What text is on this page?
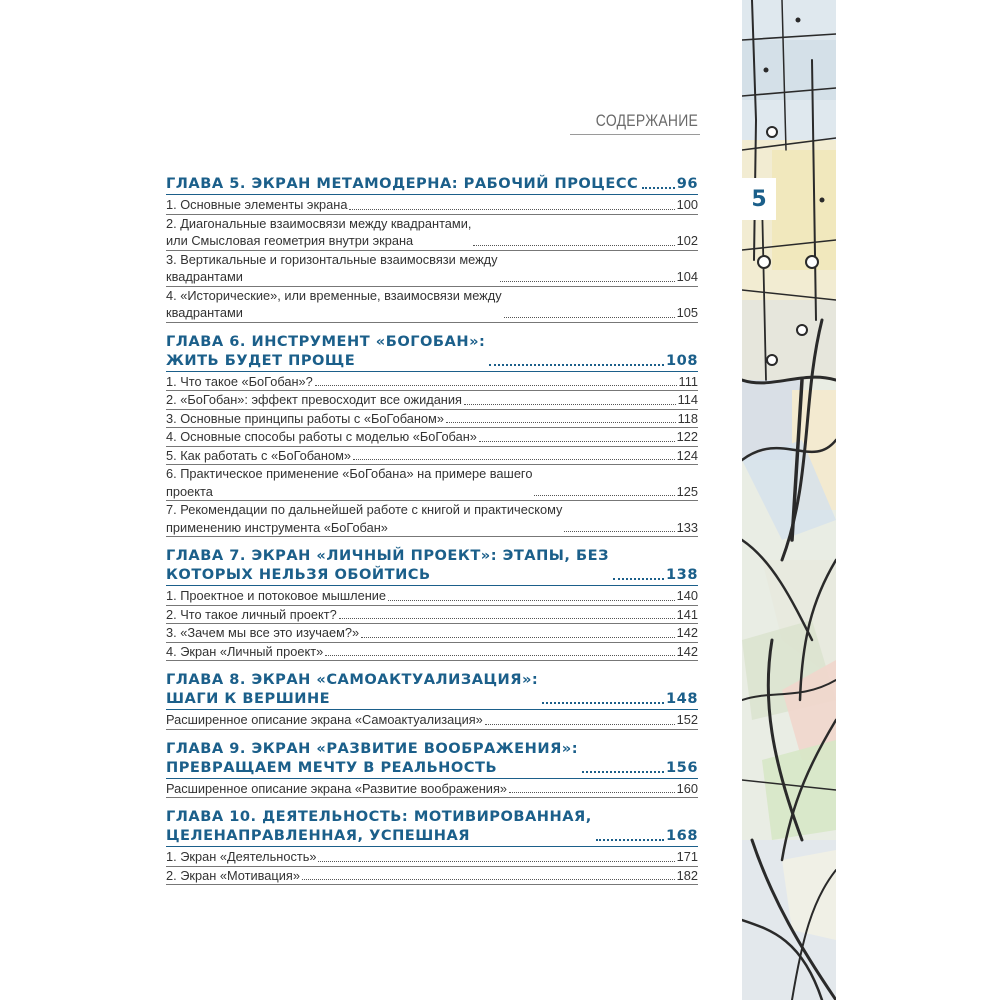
5
СОДЕРЖАНИЕ
ГЛАВА 5. ЭКРАН МЕТАМОДЕРНА: РАБОЧИЙ ПРОЦЕСС	96
1. Основные элементы экрана	100
2. Диагональные взаимосвязи между квадрантами,
или Смысловая геометрия внутри экрана	102
3. Вертикальные и горизонтальные взаимосвязи между
квадрантами	104
4. «Исторические», или временные, взаимосвязи между
квадрантами	105
ГЛАВА 6. ИНСТРУМЕНТ «БОГОБАН»:
ЖИТЬ БУДЕТ ПРОЩЕ	108
1. Что такое «БоГобан»?	111
2. «БоГобан»: эффект превосходит все ожидания	114
3. Основные принципы работы с «БоГобаном»	118
4. Основные способы работы с моделью «БоГобан»	122
5. Как работать с «БоГобаном»	124
6. Практическое применение «БоГобана» на примере вашего
проекта	125
7. Рекомендации по дальнейшей работе с книгой и практическому
применению инструмента «БоГобан»	133
ГЛАВА 7. ЭКРАН «ЛИЧНЫЙ ПРОЕКТ»: ЭТАПЫ, БЕЗ
КОТОРЫХ НЕЛЬЗЯ ОБОЙТИСЬ	138
1. Проектное и потоковое мышление	140
2. Что такое личный проект?	141
3. «Зачем мы все это изучаем?»	142
4. Экран «Личный проект»	142
ГЛАВА 8. ЭКРАН «САМОАКТУАЛИЗАЦИЯ»:
ШАГИ К ВЕРШИНЕ	148
Расширенное описание экрана «Самоактуализация»	152
ГЛАВА 9. ЭКРАН «РАЗВИТИЕ ВООБРАЖЕНИЯ»:
ПРЕВРАЩАЕМ МЕЧТУ В РЕАЛЬНОСТЬ	156
Расширенное описание экрана «Развитие воображения»	160
ГЛАВА 10. ДЕЯТЕЛЬНОСТЬ: МОТИВИРОВАННАЯ,
ЦЕЛЕНАПРАВЛЕННАЯ, УСПЕШНАЯ	168
1. Экран «Деятельность»	171
2. Экран «Мотивация»	182
